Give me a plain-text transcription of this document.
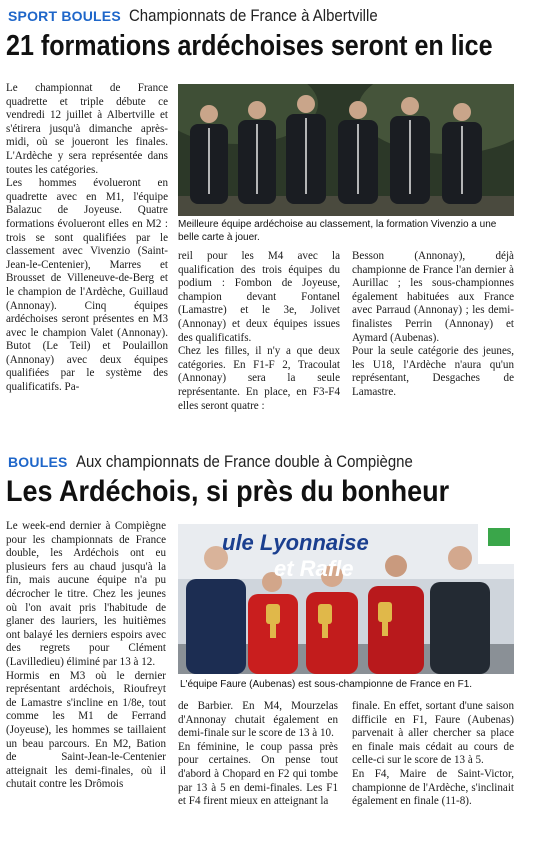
SPORT BOULES Championnats de France à Albertville
21 formations ardéchoises seront en lice

Le championnat de France quadrette et triple débute ce vendredi 12 juillet à Albertville et s'étirera jusqu'à dimanche après-midi, où se joueront les finales. L'Ardèche y sera représentée dans toutes les catégories.

Les hommes évolueront en quadrette avec en M1, l'équipe Balazuc de Joyeuse. Quatre formations évolueront elles en M2 : trois se sont qualifiées par le classement avec Vivenzio (Saint-Jean-le-Centenier), Marres et Brousset de Villeneuve-de-Berg et le champion de l'Ardèche, Guillaud (Annonay). Cinq équipes ardéchoises seront présentes en M3 avec le champion Valet (Annonay). Butot (Le Teil) et Poulaillon (Annonay) avec deux équipes qualifiées par le système des qualificatifs. Pa-

Meilleure équipe ardéchoise au classement, la formation Vivenzio a une belle carte à jouer.

reil pour les M4 avec la qualification des trois équipes du podium : Fombon de Joyeuse, champion devant Fontanel (Lamastre) et le 3e, Jolivet (Annonay) et deux équipes issues des qualificatifs.

Chez les filles, il n'y a que deux catégories. En F1-F 2, Tracoulat (Annonay) sera la seule représentante. En place, en F3-F4 elles seront quatre :

Besson (Annonay), déjà championne de France l'an dernier à Aurillac ; les sous-championnes également habituées aux France avec Parraud (Annonay) ; les demi-finalistes Perrin (Annonay) et Aymard (Aubenas).

Pour la seule catégorie des jeunes, les U18, l'Ardèche n'aura qu'un représentant, Desgaches de Lamastre.

BOULES Aux championnats de France double à Compiègne
Les Ardéchois, si près du bonheur

Le week-end dernier à Compiègne pour les championnats de France double, les Ardéchois ont eu plusieurs fers au chaud jusqu'à la fin, mais aucune équipe n'a pu décrocher le titre. Chez les jeunes où l'on avait pris l'habitude de glaner des lauriers, les huitièmes ont balayé les derniers espoirs avec des regrets pour Clément (Lavilledieu) éliminé par 13 à 12.

Hormis en M3 où le dernier représentant ardéchois, Rioufreyt de Lamastre s'incline en 1/8e, tout comme les M1 de Ferrand (Joyeuse), les hommes se taillaient un beau parcours. En M2, Bation de Saint-Jean-le-Centenier atteignait les demi-finales, où il chutait contre les Drômois

ule Lyonnaise
et Rafle
L'équipe Faure (Aubenas) est sous-championne de France en F1.

de Barbier. En M4, Mourzelas d'Annonay chutait également en demi-finale sur le score de 13 à 10.

En féminine, le coup passa près pour certaines. On pense tout d'abord à Chopard en F2 qui tombe par 13 à 5 en demi-finales. Les F1 et F4 firent mieux en atteignant la

finale. En effet, sortant d'une saison difficile en F1, Faure (Aubenas) parvenait à aller chercher sa place en finale mais cédait au cours de celle-ci sur le score de 13 à 5.

En F4, Maire de Saint-Victor, championne de l'Ardèche, s'inclinait également en finale (11-8).
